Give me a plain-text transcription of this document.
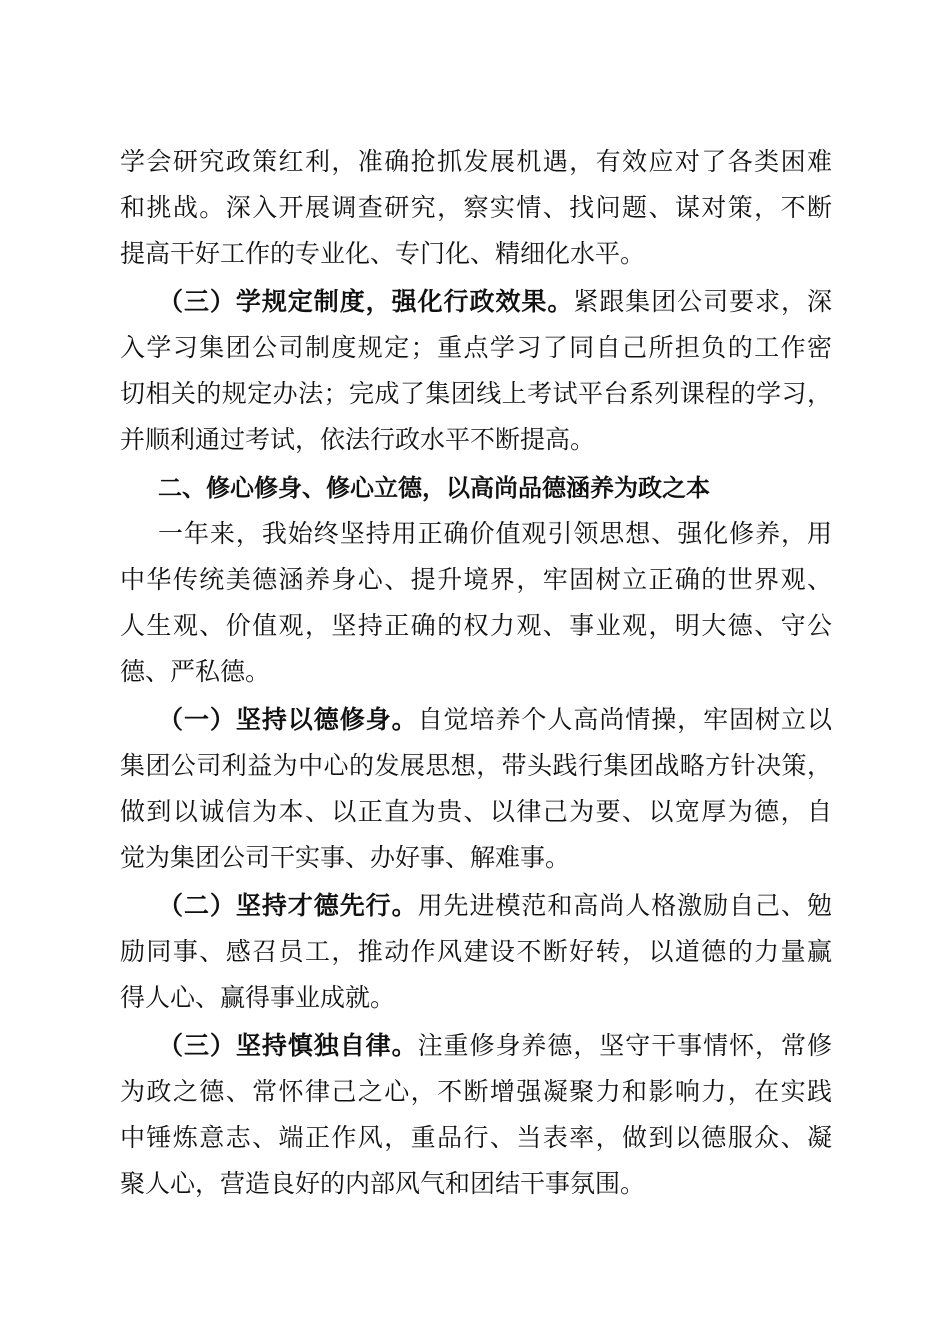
学会研究政策红利，准确抢抓发展机遇，有效应对了各类困难
和挑战。深入开展调查研究，察实情、找问题、谋对策，不断
提高干好工作的专业化、专门化、精细化水平。
（三）学规定制度，强化行政效果。紧跟集团公司要求，深
入学习集团公司制度规定；重点学习了同自己所担负的工作密
切相关的规定办法；完成了集团线上考试平台系列课程的学习，
并顺利通过考试，依法行政水平不断提高。
二、修心修身、修心立德，以高尚品德涵养为政之本
一年来，我始终坚持用正确价值观引领思想、强化修养，用
中华传统美德涵养身心、提升境界，牢固树立正确的世界观、
人生观、价值观，坚持正确的权力观、事业观，明大德、守公
德、严私德。
（一）坚持以德修身。自觉培养个人高尚情操，牢固树立以
集团公司利益为中心的发展思想，带头践行集团战略方针决策，
做到以诚信为本、以正直为贵、以律己为要、以宽厚为德，自
觉为集团公司干实事、办好事、解难事。
（二）坚持才德先行。用先进模范和高尚人格激励自己、勉
励同事、感召员工，推动作风建设不断好转，以道德的力量赢
得人心、赢得事业成就。
（三）坚持慎独自律。注重修身养德，坚守干事情怀，常修
为政之德、常怀律己之心，不断增强凝聚力和影响力，在实践
中锤炼意志、端正作风，重品行、当表率，做到以德服众、凝
聚人心，营造良好的内部风气和团结干事氛围。
